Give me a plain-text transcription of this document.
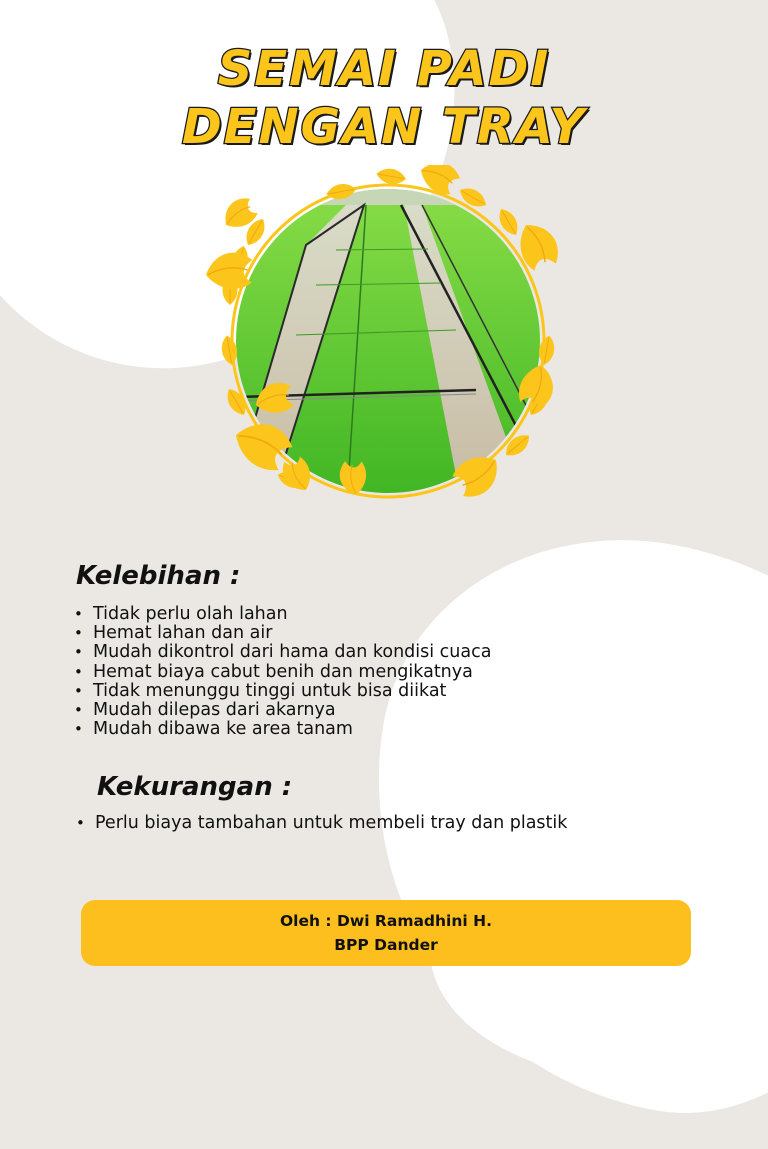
SEMAI PADI
DENGAN TRAY
Kelebihan :
• Tidak perlu olah lahan
• Hemat lahan dan air
• Mudah dikontrol dari hama dan kondisi cuaca
• Hemat biaya cabut benih dan mengikatnya
• Tidak menunggu tinggi untuk bisa diikat
• Mudah dilepas dari akarnya
• Mudah dibawa ke area tanam
Kekurangan :
• Perlu biaya tambahan untuk membeli tray dan plastik
Oleh : Dwi Ramadhini H.
BPP Dander
